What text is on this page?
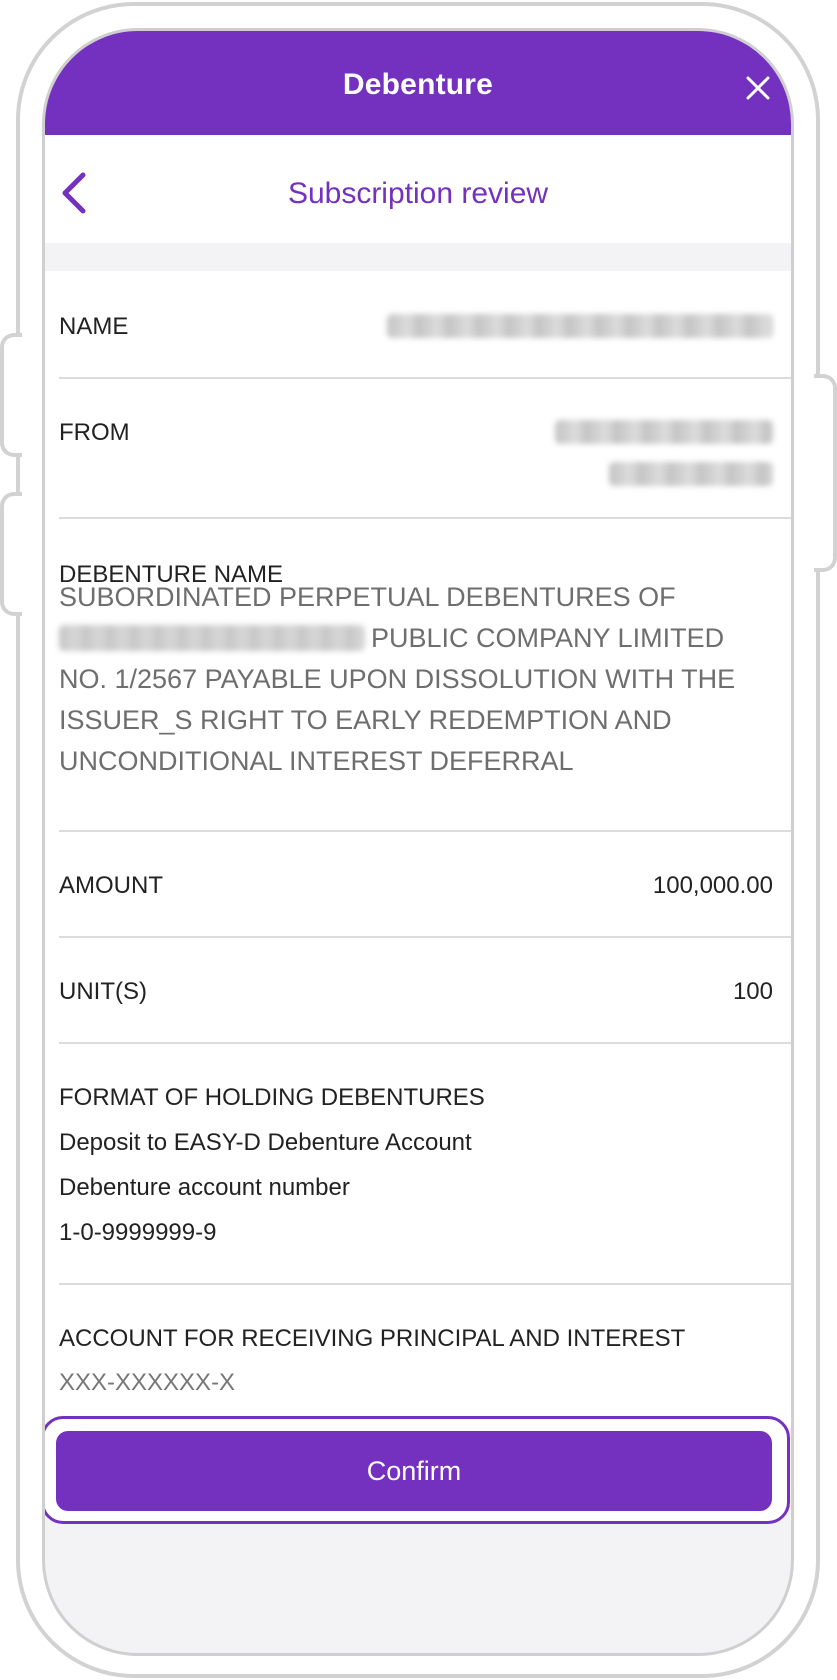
Debenture
Subscription review
NAME
FROM
DEBENTURE NAME
SUBORDINATED PERPETUAL DEBENTURES OF
PUBLIC COMPANY LIMITED
NO. 1/2567 PAYABLE UPON DISSOLUTION WITH THE
ISSUER_S RIGHT TO EARLY REDEMPTION AND
UNCONDITIONAL INTEREST DEFERRAL
AMOUNT	100,000.00
UNIT(S)	100
FORMAT OF HOLDING DEBENTURES
Deposit to EASY-D Debenture Account
Debenture account number
1-0-9999999-9
ACCOUNT FOR RECEIVING PRINCIPAL AND INTEREST
XXX-XXXXXX-X
Confirm
